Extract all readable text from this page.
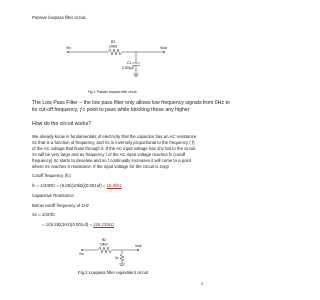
Passive lowpass filter circuit.
R2
10kΩ
Vin	Vout
C1
0.001µF
Fig.1: Passive lowpass filter circuit
The Low Pass Filter – the low pass filter only allows low frequency signals from 0Hz to
its cut-off frequency, ƒc point to pass while blocking those any higher
How do the circuit works?
We already know in fundamentals of electricity that the capacitor has an AC resistance
Xc that is a function of frequency, and Xc is inversely proportional to the frequency ( f)
of the AC voltage that flows through it. If the AC input voltage has 1hz hat to the circuit
Xc will be very large and as frequency f of the AC input voltage reaches fc (cutoff
frequency) Xc starts to decease and so f continually increases it will come to a point
where Xc reaches 0 resistance. If the input voltage for the circuit is 2vpp
Cutoff frequency (fc)
fc = 1/2πRC = (6.28)(10kΩ)(0.001uf) = 15.9khz
Capacitive Reactance
Below cutoff frequency of 1Hz
Xc = 1/2πfC
= 1/(6.28)(1Hz)(0.001uf) = 159.235kΩ
R2
10kΩ
Vin
Vout
Xc
Fig.2 Lowpass filter equivalent circuit
3
